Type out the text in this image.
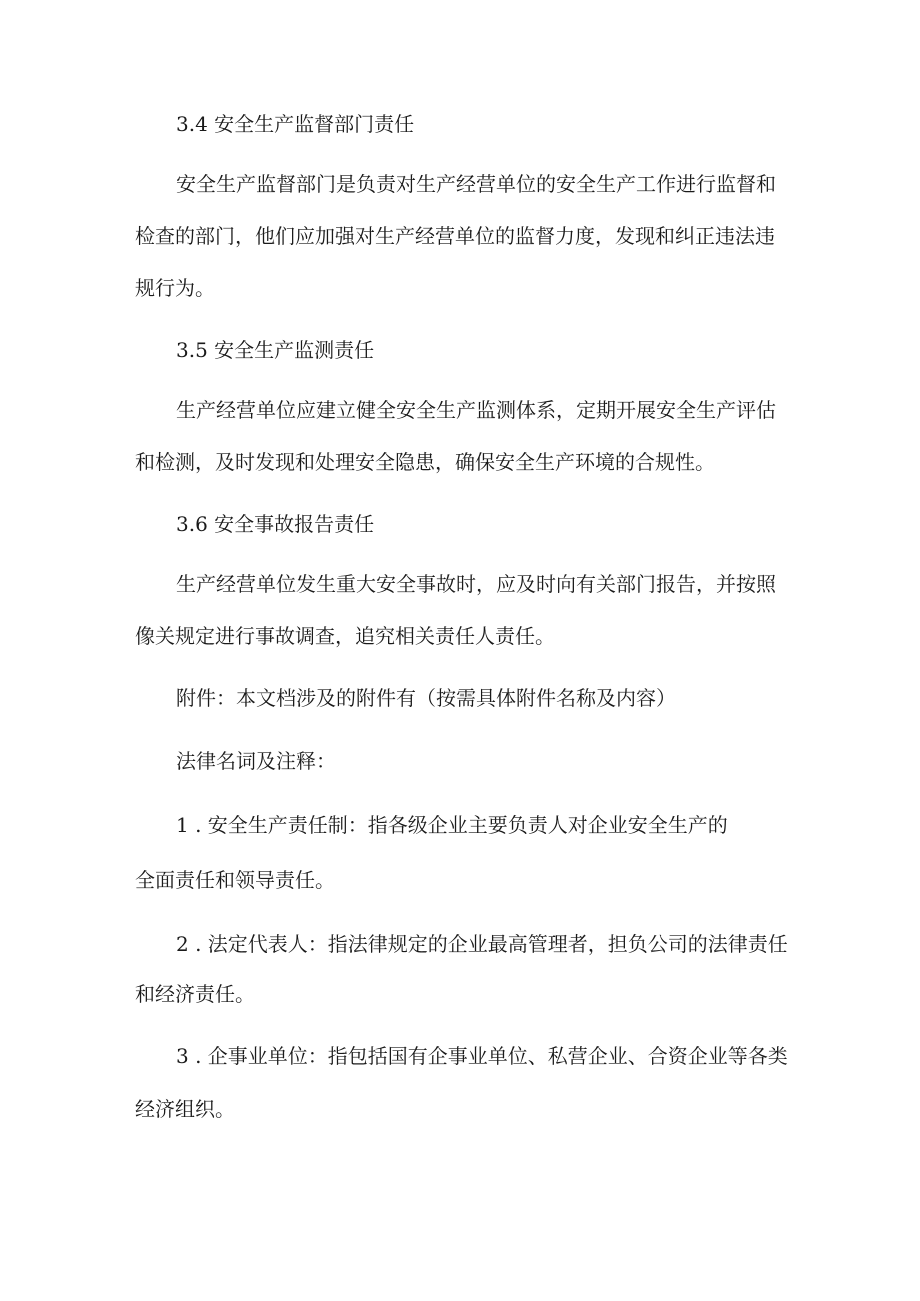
3.4 安全生产监督部门责任
安全生产监督部门是负责对生产经营单位的安全生产工作进行监督和
检查的部门，他们应加强对生产经营单位的监督力度，发现和纠正违法违
规行为。
3.5 安全生产监测责任
生产经营单位应建立健全安全生产监测体系，定期开展安全生产评估
和检测，及时发现和处理安全隐患，确保安全生产环境的合规性。
3.6 安全事故报告责任
生产经营单位发生重大安全事故时，应及时向有关部门报告，并按照
像关规定进行事故调查，追究相关责任人责任。
附件：本文档涉及的附件有（按需具体附件名称及内容）
法律名词及注释：
1 . 安全生产责任制：指各级企业主要负责人对企业安全生产的
全面责任和领导责任。
2 . 法定代表人：指法律规定的企业最高管理者，担负公司的法律责任
和经济责任。
3 . 企事业单位：指包括国有企事业单位、私营企业、合资企业等各类
经济组织。
